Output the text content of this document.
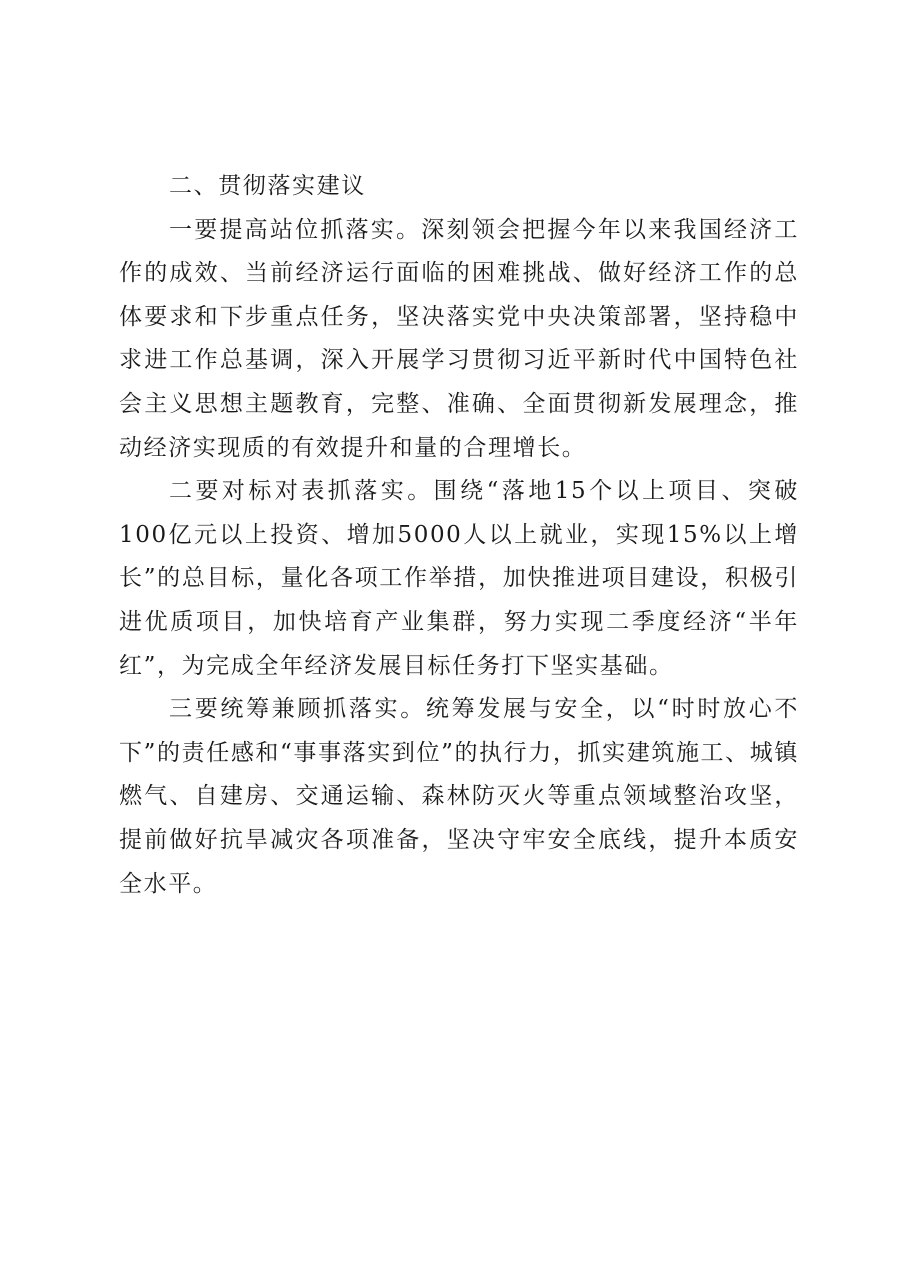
二、贯彻落实建议

一要提高站位抓落实。深刻领会把握今年以来我国经济工作的成效、当前经济运行面临的困难挑战、做好经济工作的总体要求和下步重点任务，坚决落实党中央决策部署，坚持稳中求进工作总基调，深入开展学习贯彻习近平新时代中国特色社会主义思想主题教育，完整、准确、全面贯彻新发展理念，推动经济实现质的有效提升和量的合理增长。

二要对标对表抓落实。围绕“落地15个以上项目、突破100亿元以上投资、增加5000人以上就业，实现15%以上增长”的总目标，量化各项工作举措，加快推进项目建设，积极引进优质项目，加快培育产业集群，努力实现二季度经济“半年红”，为完成全年经济发展目标任务打下坚实基础。

三要统筹兼顾抓落实。统筹发展与安全，以“时时放心不下”的责任感和“事事落实到位”的执行力，抓实建筑施工、城镇燃气、自建房、交通运输、森林防灭火等重点领域整治攻坚，提前做好抗旱减灾各项准备，坚决守牢安全底线，提升本质安全水平。
